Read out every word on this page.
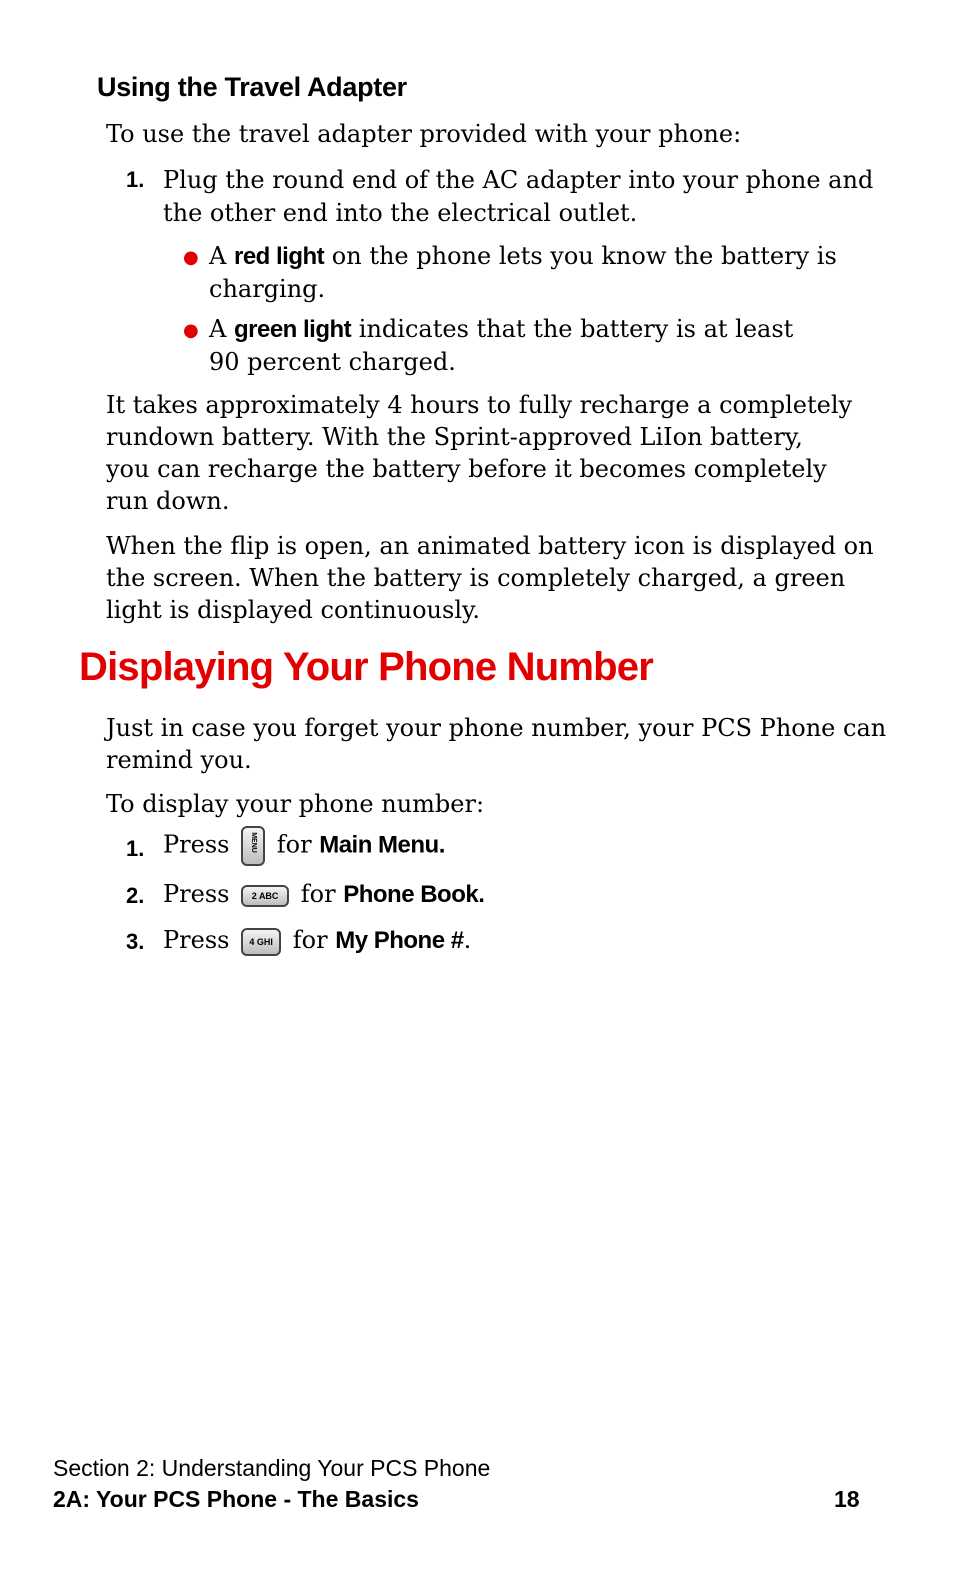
Using the Travel Adapter
To use the travel adapter provided with your phone:
1. Plug the round end of the AC adapter into your phone and
the other end into the electrical outlet.
● A red light on the phone lets you know the battery is
charging.
● A green light indicates that the battery is at least
90 percent charged.
It takes approximately 4 hours to fully recharge a completely
rundown battery. With the Sprint-approved LiIon battery,
you can recharge the battery before it becomes completely
run down.
When the flip is open, an animated battery icon is displayed on
the screen. When the battery is completely charged, a green
light is displayed continuously.
Displaying Your Phone Number
Just in case you forget your phone number, your PCS Phone can
remind you.
To display your phone number:
1. Press	MENU for Main Menu.
2. Press 2 ABC for Phone Book.
3. Press 4 GHI for My Phone #.
Section 2: Understanding Your PCS Phone
2A: Your PCS Phone - The Basics	18
